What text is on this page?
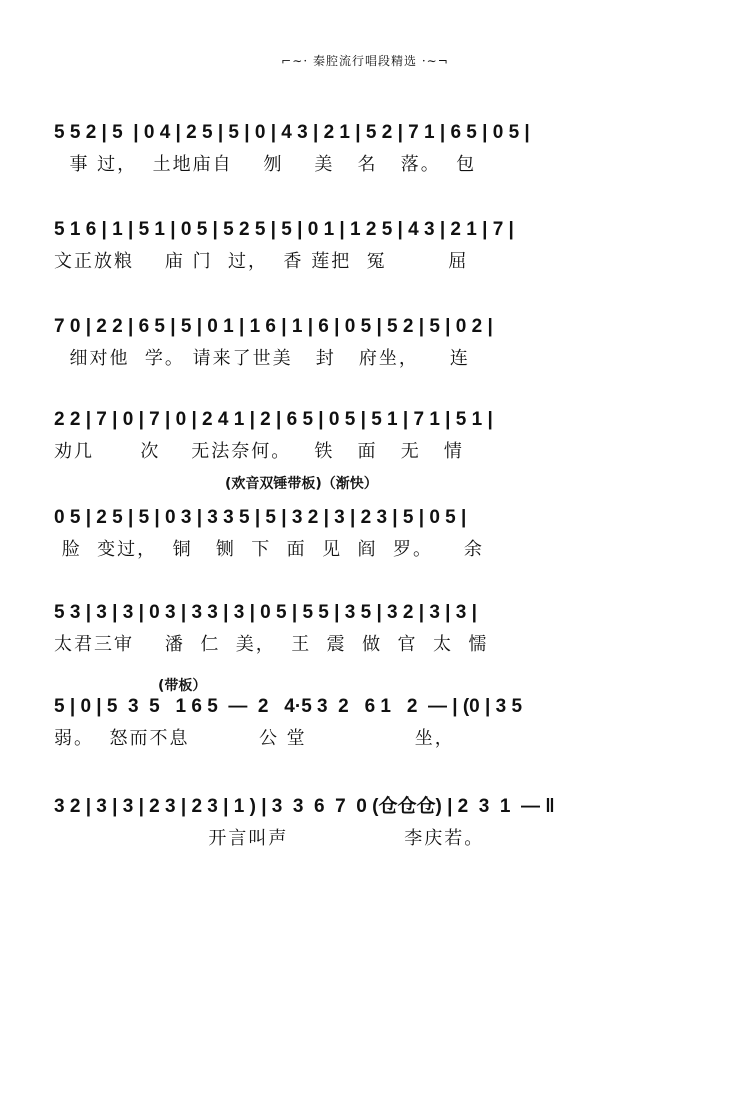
⌐∼· 秦腔流行唱段精选 ·∼¬
5 5 2 | 5  | 0 4 | 2 5 | 5 | 0 | 4 3 | 2 1 | 5 2 | 7 1 | 6 5 | 0 5 |
事 过，  土地庙自    刎    美   名   落。  包
5 1 6 | 1 | 5 1 | 0 5 | 5 2 5 | 5 | 0 1 | 1 2 5 | 4 3 | 2 1 | 7 |
文正放粮    庙 门  过，  香 莲把  冤        屈
7 0 | 2 2 | 6 5 | 5 | 0 1 | 1 6 | 1 | 6 | 0 5 | 5 2 | 5 | 0 2 |
细对他  学。 请来了世美   封   府坐，    连
2 2 | 7 | 0 | 7 | 0 | 2 4 1 | 2 | 6 5 | 0 5 | 5 1 | 7 1 | 5 1 |
劝几      次    无法奈何。   铁   面   无   情
(欢音双锤带板)（渐快）
0 5 | 2 5 | 5 | 0 3 | 3 3 5 | 5 | 3 2 | 3 | 2 3 | 5 | 0 5 |
脸  变过，  铜   铡  下  面  见  阎  罗。    余
5 3 | 3 | 3 | 0 3 | 3 3 | 3 | 0 5 | 5 5 | 3 5 | 3 2 | 3 | 3 |
太君三审    潘  仁  美，  王  震  做  官  太  懦
(带板）
5 | 0 | 5  3  5   1 6 5  —  2   4·5 3  2   6 1   2  — | (0 | 3 5
弱。  怒而不息         公 堂              坐，
3 2 | 3 | 3 | 2 3 | 2 3 | 1 ) | 3  3  6  7  0 (仓仓仓) | 2  3  1  — ‖
开言叫声               李庆若。
